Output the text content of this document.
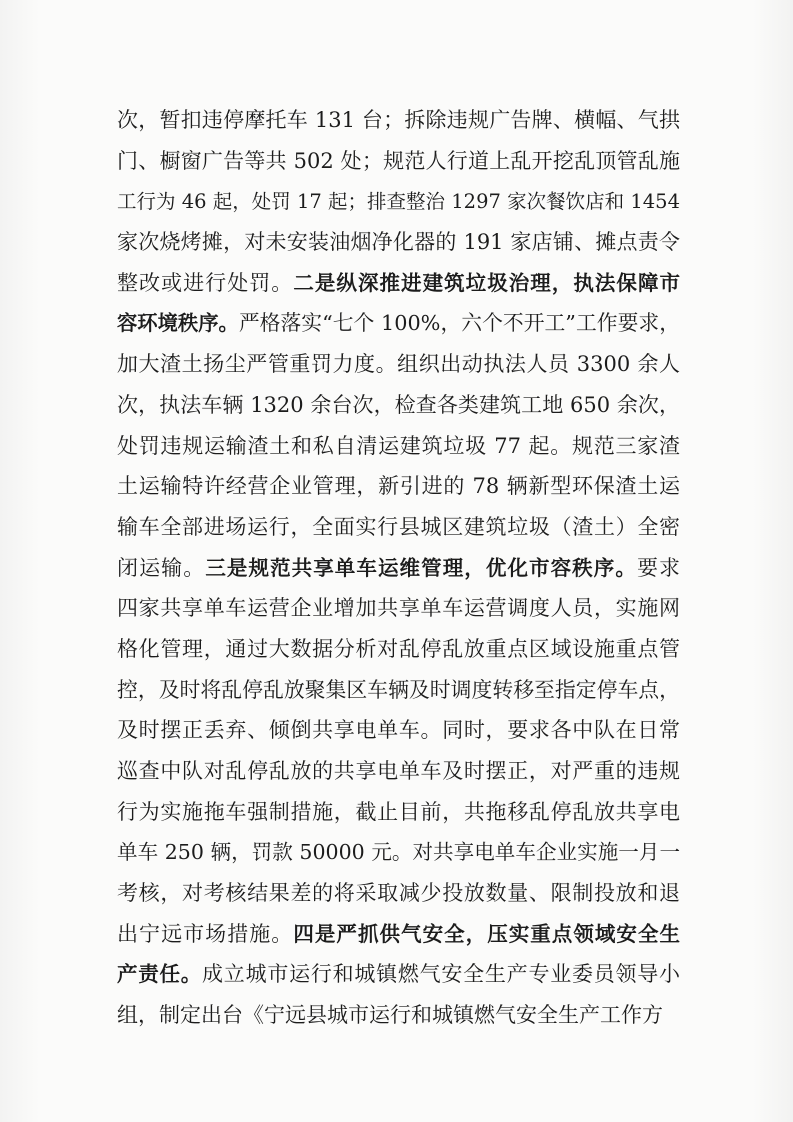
次，暂扣违停摩托车 131 台；拆除违规广告牌、横幅、气拱
门、橱窗广告等共 502 处；规范人行道上乱开挖乱顶管乱施
工行为 46 起，处罚 17 起；排查整治 1297 家次餐饮店和 1454
家次烧烤摊，对未安装油烟净化器的 191 家店铺、摊点责令
整改或进行处罚。二是纵深推进建筑垃圾治理，执法保障市
容环境秩序。严格落实“七个 100%，六个不开工”工作要求，
加大渣土扬尘严管重罚力度。组织出动执法人员 3300 余人
次，执法车辆 1320 余台次，检查各类建筑工地 650 余次，
处罚违规运输渣土和私自清运建筑垃圾 77 起。规范三家渣
土运输特许经营企业管理，新引进的 78 辆新型环保渣土运
输车全部进场运行，全面实行县城区建筑垃圾（渣土）全密
闭运输。三是规范共享单车运维管理，优化市容秩序。要求
四家共享单车运营企业增加共享单车运营调度人员，实施网
格化管理，通过大数据分析对乱停乱放重点区域设施重点管
控，及时将乱停乱放聚集区车辆及时调度转移至指定停车点，
及时摆正丢弃、倾倒共享电单车。同时，要求各中队在日常
巡查中队对乱停乱放的共享电单车及时摆正，对严重的违规
行为实施拖车强制措施，截止目前，共拖移乱停乱放共享电
单车 250 辆，罚款 50000 元。对共享电单车企业实施一月一
考核，对考核结果差的将采取减少投放数量、限制投放和退
出宁远市场措施。四是严抓供气安全，压实重点领域安全生
产责任。成立城市运行和城镇燃气安全生产专业委员领导小
组，制定出台《宁远县城市运行和城镇燃气安全生产工作方
